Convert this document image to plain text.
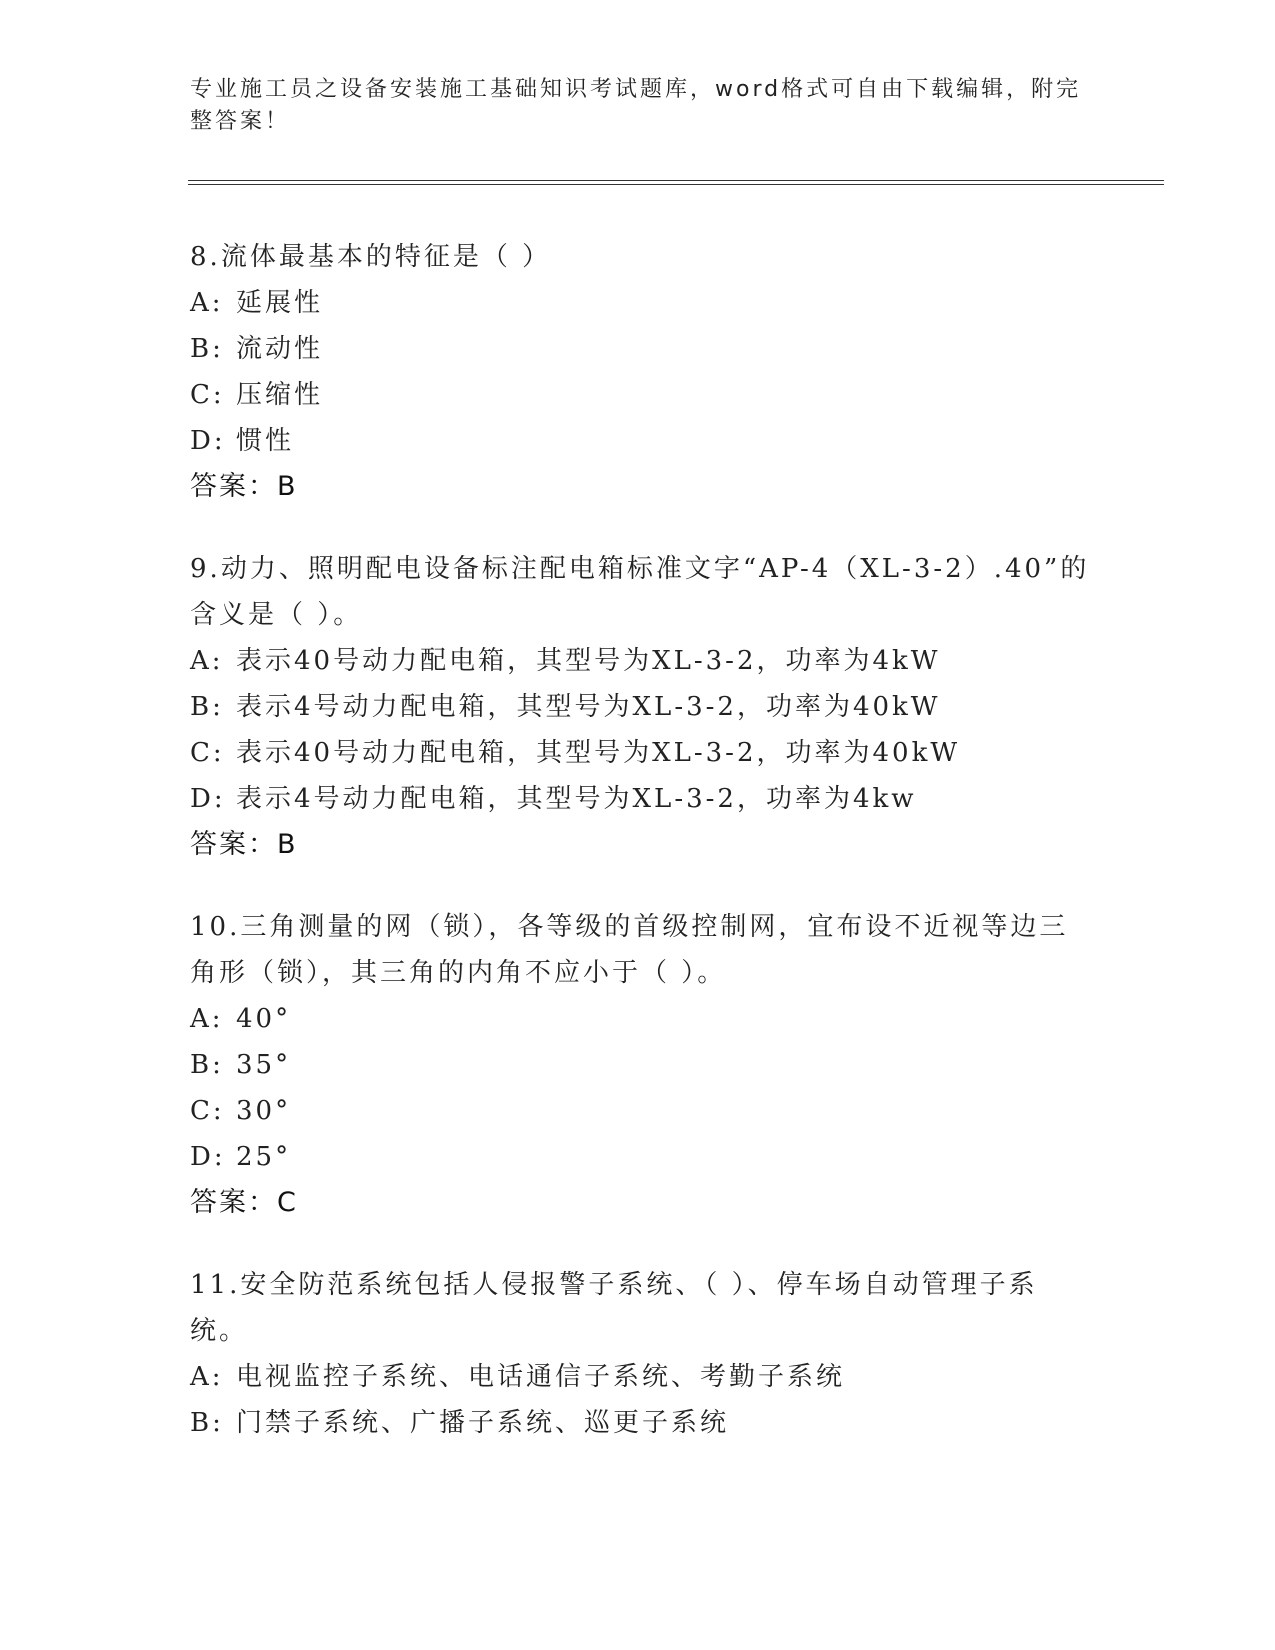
专业施工员之设备安装施工基础知识考试题库，word格式可自由下载编辑，附完
整答案！

8.流体最基本的特征是（ ）

A: 延展性

B: 流动性

C: 压缩性

D: 惯性

答案：B

9.动力、照明配电设备标注配电箱标准文字“AP-4（XL-3-2）.40”的含义是（ ）。

A: 表示40号动力配电箱，其型号为XL-3-2，功率为4kW

B: 表示4号动力配电箱，其型号为XL-3-2，功率为40kW

C: 表示40号动力配电箱，其型号为XL-3-2，功率为40kW

D: 表示4号动力配电箱，其型号为XL-3-2，功率为4kw

答案：B

10.三角测量的网（锁），各等级的首级控制网，宜布设不近视等边三角形（锁），其三角的内角不应小于（ ）。

A: 40°

B: 35°

C: 30°

D: 25°

答案：C

11.安全防范系统包括人侵报警子系统、（ ）、停车场自动管理子系统。

A: 电视监控子系统、电话通信子系统、考勤子系统

B: 门禁子系统、广播子系统、巡更子系统
